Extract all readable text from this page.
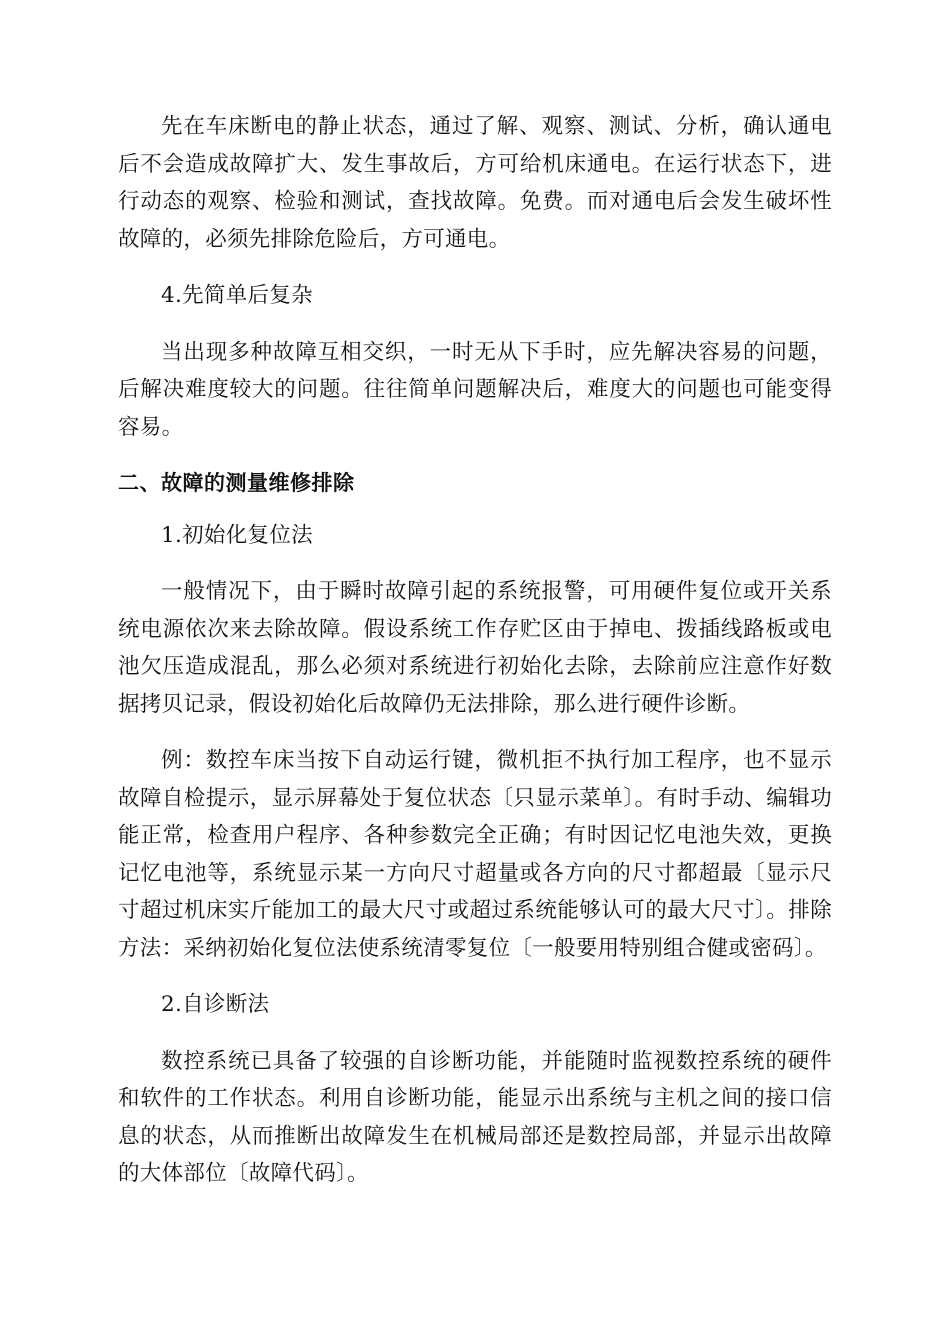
先在车床断电的静止状态，通过了解、观察、测试、分析，确认通电后不会造成故障扩大、发生事故后，方可给机床通电。在运行状态下，进行动态的观察、检验和测试，查找故障。免费。而对通电后会发生破坏性故障的，必须先排除危险后，方可通电。

4.先简单后复杂

当出现多种故障互相交织，一时无从下手时，应先解决容易的问题，后解决难度较大的问题。往往简单问题解决后，难度大的问题也可能变得容易。

二、故障的测量维修排除

1.初始化复位法

一般情况下，由于瞬时故障引起的系统报警，可用硬件复位或开关系统电源依次来去除故障。假设系统工作存贮区由于掉电、拨插线路板或电池欠压造成混乱，那么必须对系统进行初始化去除，去除前应注意作好数据拷贝记录，假设初始化后故障仍无法排除，那么进行硬件诊断。

例：数控车床当按下自动运行键，微机拒不执行加工程序，也不显示故障自检提示，显示屏幕处于复位状态〔只显示菜单〕。有时手动、编辑功能正常，检查用户程序、各种参数完全正确；有时因记忆电池失效，更换记忆电池等，系统显示某一方向尺寸超量或各方向的尺寸都超最〔显示尺寸超过机床实斤能加工的最大尺寸或超过系统能够认可的最大尺寸〕。排除方法：采纳初始化复位法使系统清零复位〔一般要用特别组合健或密码〕。

2.自诊断法

数控系统已具备了较强的自诊断功能，并能随时监视数控系统的硬件和软件的工作状态。利用自诊断功能，能显示出系统与主机之间的接口信息的状态，从而推断出故障发生在机械局部还是数控局部，并显示出故障的大体部位〔故障代码〕。
